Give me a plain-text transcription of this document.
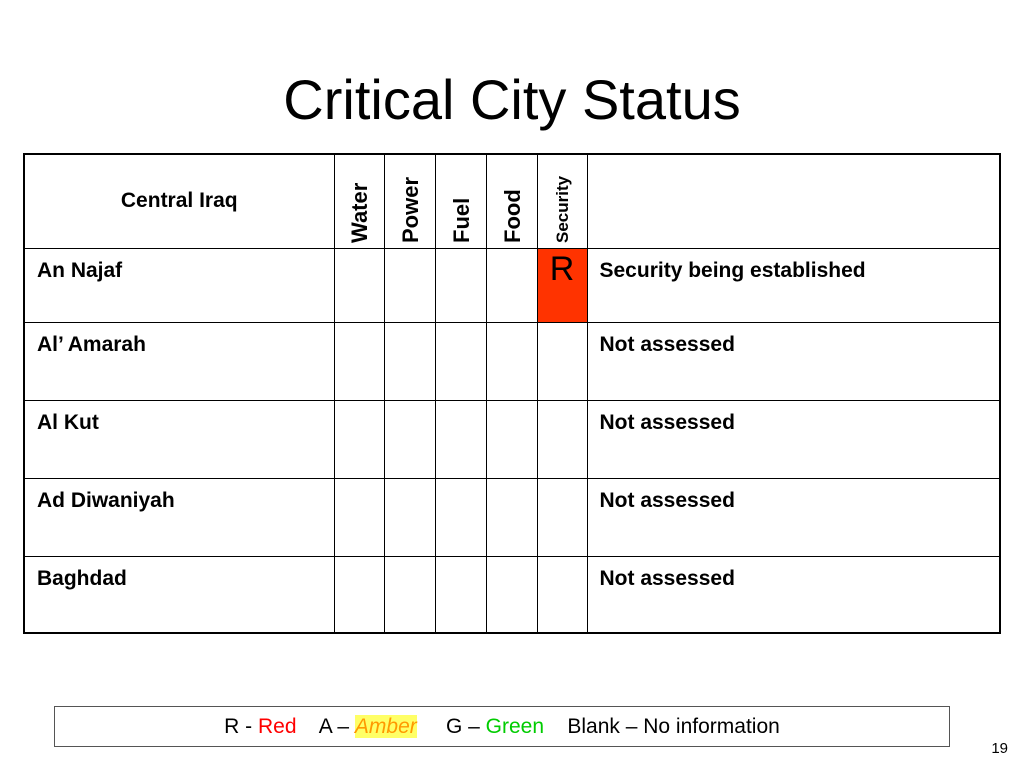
Critical City Status
Central Iraq	Water	Power	Fuel	Food	Security	

An Najaf					R	Security being established
Al’ Amarah						Not assessed
Al Kut						Not assessed
Ad Diwaniyah						Not assessed
Baghdad						Not assessed
R - Red A – Amber G – Green Blank – No information
19
